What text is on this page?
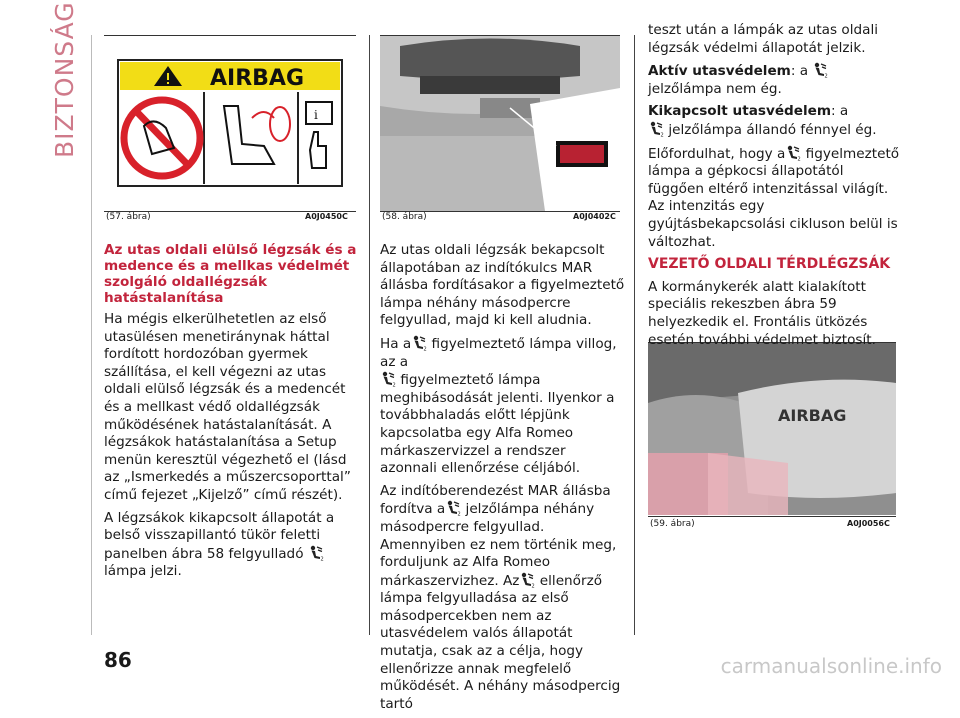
BIZTONSÁG	AIRBAG
i
(57. ábra)	A0J0450C	(58. ábra)	A0J0402C
AIRBAG
(59. ábra)	A0J0056C

Az utas oldali elülső légzsák és a medence és a mellkas védelmét szolgáló oldallégzsák hatástalanítása

Ha mégis elkerülhetetlen az első utasülésen menetiránynak háttal fordított hordozóban gyermek szállítása, el kell végezni az utas oldali elülső légzsák és a medencét és a mellkast védő oldallégzsák működésének hatástalanítását. A légzsákok hatástalanítása a Setup menün keresztül végezhető el (lásd az „Ismerkedés a műszercsoporttal” című fejezet „Kijelző” című részét).

A légzsákok kikapcsolt állapotát a belső visszapillantó tükör feletti panelben ábra 58 felgyulladó  lámpa jelzi.

Az utas oldali légzsák bekapcsolt állapotában az indítókulcs MAR állásba fordításakor a figyelmeztető lámpa néhány másodpercre felgyullad, majd ki kell aludnia.

Ha a figyelmeztető lámpa villog, az a
figyelmeztető lámpa meghibásodását jelenti. Ilyenkor a továbbhaladás előtt lépjünk kapcsolatba egy Alfa Romeo márkaszervizzel a rendszer azonnali ellenőrzése céljából.

Az indítóberendezést MAR állásba fordítva a jelzőlámpa néhány másodpercre felgyullad. Amennyiben ez nem történik meg, forduljunk az Alfa Romeo márkaszervizhez. Az ellenőrző lámpa felgyulladása az első másodpercekben nem az utasvédelem valós állapotát mutatja, csak az a célja, hogy ellenőrizze annak megfelelő működését. A néhány másodpercig tartó

teszt után a lámpák az utas oldali légzsák védelmi állapotát jelzik.

Aktív utasvédelem: a  jelzőlámpa nem ég.

Kikapcsolt utasvédelem: a
jelzőlámpa állandó fénnyel ég.

Előfordulhat, hogy a figyelmeztető lámpa a gépkocsi állapotától függően eltérő intenzitással világít. Az intenzitás egy gyújtásbekapcsolási cikluson belül is változhat.

VEZETŐ OLDALI TÉRDLÉGZSÁK

A kormánykerék alatt kialakított speciális rekeszben ábra 59 helyezkedik el. Frontális ütközés esetén további védelmet biztosít.

86	carmanualsonline.info
